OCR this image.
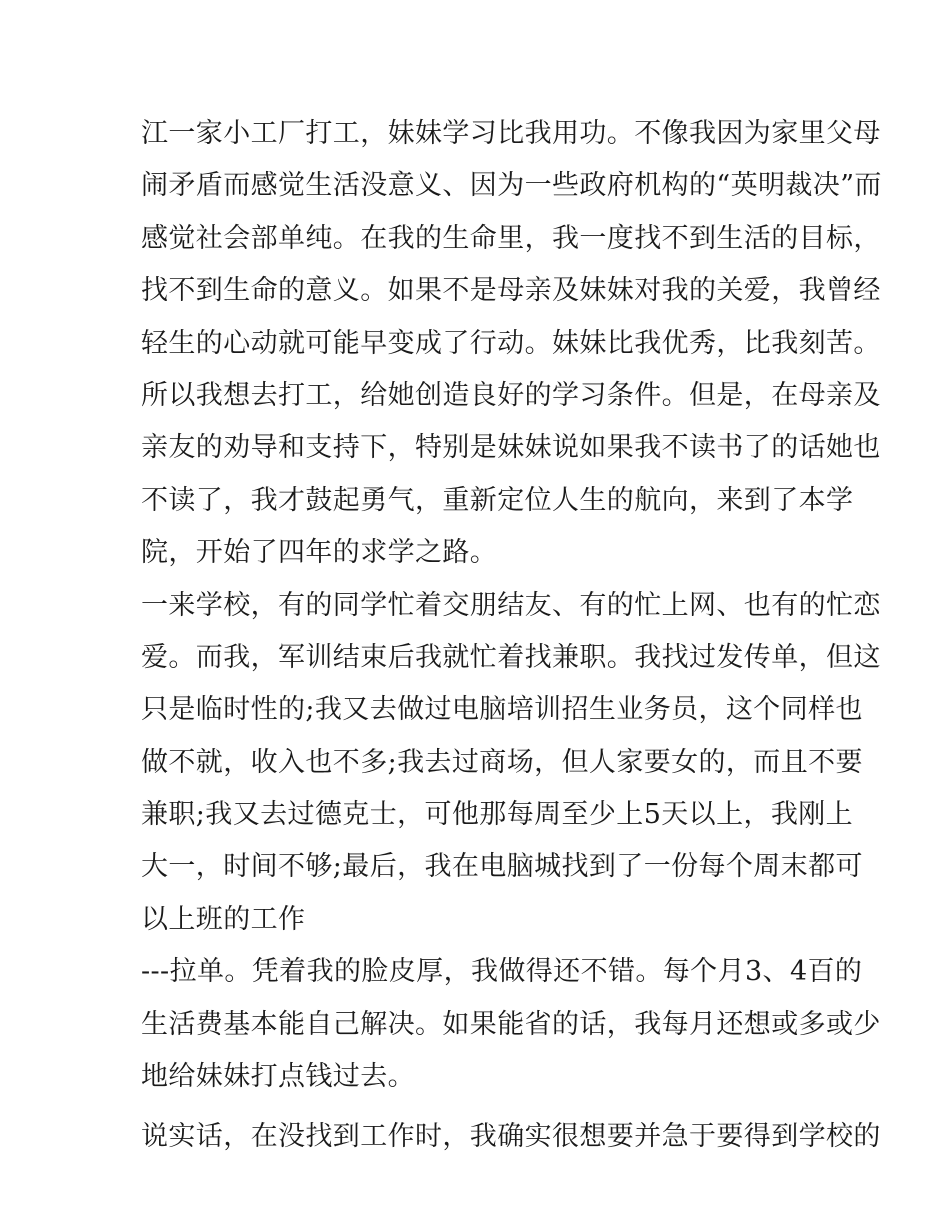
江一家小工厂打工，妹妹学习比我用功。不像我因为家里父母
闹矛盾而感觉生活没意义、因为一些政府机构的“英明裁决”而
感觉社会部单纯。在我的生命里，我一度找不到生活的目标，
找不到生命的意义。如果不是母亲及妹妹对我的关爱，我曾经
轻生的心动就可能早变成了行动。妹妹比我优秀，比我刻苦。
所以我想去打工，给她创造良好的学习条件。但是，在母亲及
亲友的劝导和支持下，特别是妹妹说如果我不读书了的话她也
不读了，我才鼓起勇气，重新定位人生的航向，来到了本学
院，开始了四年的求学之路。
一来学校，有的同学忙着交朋结友、有的忙上网、也有的忙恋
爱。而我，军训结束后我就忙着找兼职。我找过发传单，但这
只是临时性的;我又去做过电脑培训招生业务员，这个同样也
做不就，收入也不多;我去过商场，但人家要女的，而且不要
兼职;我又去过德克士，可他那每周至少上5天以上，我刚上
大一，时间不够;最后，我在电脑城找到了一份每个周末都可
以上班的工作
---拉单。凭着我的脸皮厚，我做得还不错。每个月3、4百的
生活费基本能自己解决。如果能省的话，我每月还想或多或少
地给妹妹打点钱过去。
说实话，在没找到工作时，我确实很想要并急于要得到学校的
